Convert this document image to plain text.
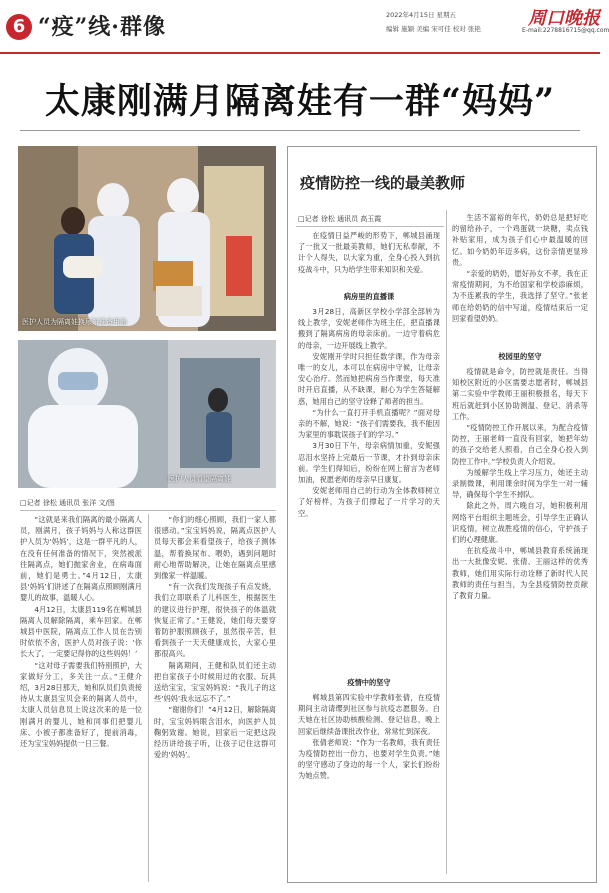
6 “疫”线·群像	2022年4月15日 星期五
编辑 施颖 美编 宋可佳 校对 张艳	周口晚报
E-mail:2278816715@qq.com
太康刚满月隔离娃有一群“妈妈”
医护人员为隔离娃换尿布准备用品
医护人员看望隔离娃
□记者 徐松 通讯员 张洋 文/图

“这就是来我们隔离的最小隔离人员，刚满月，孩子妈妈与人称这群医护人员为‘妈妈’，这是一群平凡的人，在没有任何准备的情况下，突然被派往隔离点，她们抛家舍业，在病毒面前，她们是勇士。”4月12日，太康县‘妈妈’们讲述了在隔离点照顾刚满月婴儿的故事，温暖人心。

4月12日，太康县119名在郸城县隔离人员解除隔离，乘车回家。在郸城县中医院，隔离点工作人员在告别时依依不舍，医护人员对孩子说：‘你长大了，一定要记得你的这些妈妈！’

“这对母子需要我们特别照护，大家做好分工，多关注一点。”王健介绍，3月28日那天，她和队员们负责接待从太康县宝贝会来的隔离人员中，太康人员信息员上说这次来的是一位刚满月的婴儿，她和同事们把婴儿床、小被子都准备好了，提前消毒，还为宝宝妈妈提供一日三餐。

“你们的细心照顾，我们一家人都很感动。”宝宝妈妈说，隔离点医护人员每天都会来看望孩子，给孩子测体温，帮着换尿布、喂奶，遇到问题时耐心地帮助解决，让她在隔离点里感到像家一样温暖。

“有一次我们发现孩子有点发烧，我们立即联系了儿科医生，根据医生的建议进行护理，很快孩子的体温就恢复正常了。”王健说，她们每天要穿着防护服照顾孩子，虽然很辛苦，但看到孩子一天天健康成长，大家心里都很高兴。

隔离期间，王健和队员们还主动把自家孩子小时候用过的衣服、玩具送给宝宝，宝宝妈妈说：“我儿子的这些‘妈妈’我永远忘不了。”

“谢谢你们！”4月12日，解除隔离时，宝宝妈妈眼含泪水，向医护人员鞠躬致谢。她说，回家后一定把这段经历讲给孩子听，让孩子记住这群可爱的‘妈妈’。

疫情防控一线的最美教师
□记者 徐松 通讯员 高玉霞

在疫情日益严峻的形势下，郸城县涌现了一批又一批最美教师，她们无私奉献，不计个人得失，以大家为重，全身心投入到抗疫战斗中，只为给学生带来知识和关爱。

病房里的直播课

3月28日，高新区学校小学部全部转为线上教学，安妮老师作为班主任，把直播课搬到了隔离病房的母亲床前。一边守着病危的母亲，一边开展线上教学。

安妮刚开学时只担任数学课，作为母亲唯一的女儿，本可以在病房中守候，让母亲安心治疗。然而她把病房当作课堂，每天准时开启直播，从不缺课，耐心为学生答疑解惑，她用自己的坚守诠释了师者的担当。

“为什么一直打开手机直播呢？”面对母亲的不解，她说：“孩子们需要我，我不能因为家里的事耽误孩子们的学习。”

3月30日下午，母亲病情加重，安妮强忍泪水坚持上完最后一节课，才扑到母亲床前。学生们得知后，纷纷在网上留言为老师加油，祝愿老师的母亲早日康复。

安妮老师用自己的行动为全体教师树立了好榜样，为孩子们撑起了一片学习的天空。

疫情中的坚守

郸城县第四实验中学教师张倩，在疫情期间主动请缨到社区参与抗疫志愿服务。白天她在社区协助核酸检测、登记信息，晚上回家后继续备课批改作业，常常忙到深夜。

张倩老师说：“作为一名教师，我有责任为疫情防控出一份力，也要对学生负责。”她的坚守感动了身边的每一个人，家长们纷纷为她点赞。

生活不富裕的年代，奶奶总是把好吃的留给孙子，一个鸡蛋就一块糖，卖点钱补贴家用，成为孩子们心中最温暖的回忆。如今奶奶年迈多病，这份亲情更显珍贵。

“亲爱的奶奶，愿好孙女不孝，我在正常疫情期间，为不给国家和学校添麻烦，为不连累我的学生，我选择了坚守。”张老师在给奶奶的信中写道，疫情结束后一定回家看望奶奶。

校园里的坚守

疫情就是命令，防控就是责任。当得知校区附近的小区需要志愿者时，郸城县第二实验中学教师王丽积极报名，每天下班后就赶到小区协助测温、登记、消杀等工作。

“疫情防控工作开展以来，为配合疫情防控，王丽老师一直没有回家，她把年幼的孩子交给老人照看，自己全身心投入到防控工作中。”学校负责人介绍说。

为缓解学生线上学习压力，她还主动录制微课，利用课余时间为学生一对一辅导，确保每个学生不掉队。

除此之外，周六晚自习，她积极利用网络平台组织主题班会，引导学生正确认识疫情，树立战胜疫情的信心，守护孩子们的心理健康。

在抗疫战斗中，郸城县教育系统涌现出一大批像安妮、张倩、王丽这样的优秀教师，她们用实际行动诠释了新时代人民教师的责任与担当，为全县疫情防控贡献了教育力量。
